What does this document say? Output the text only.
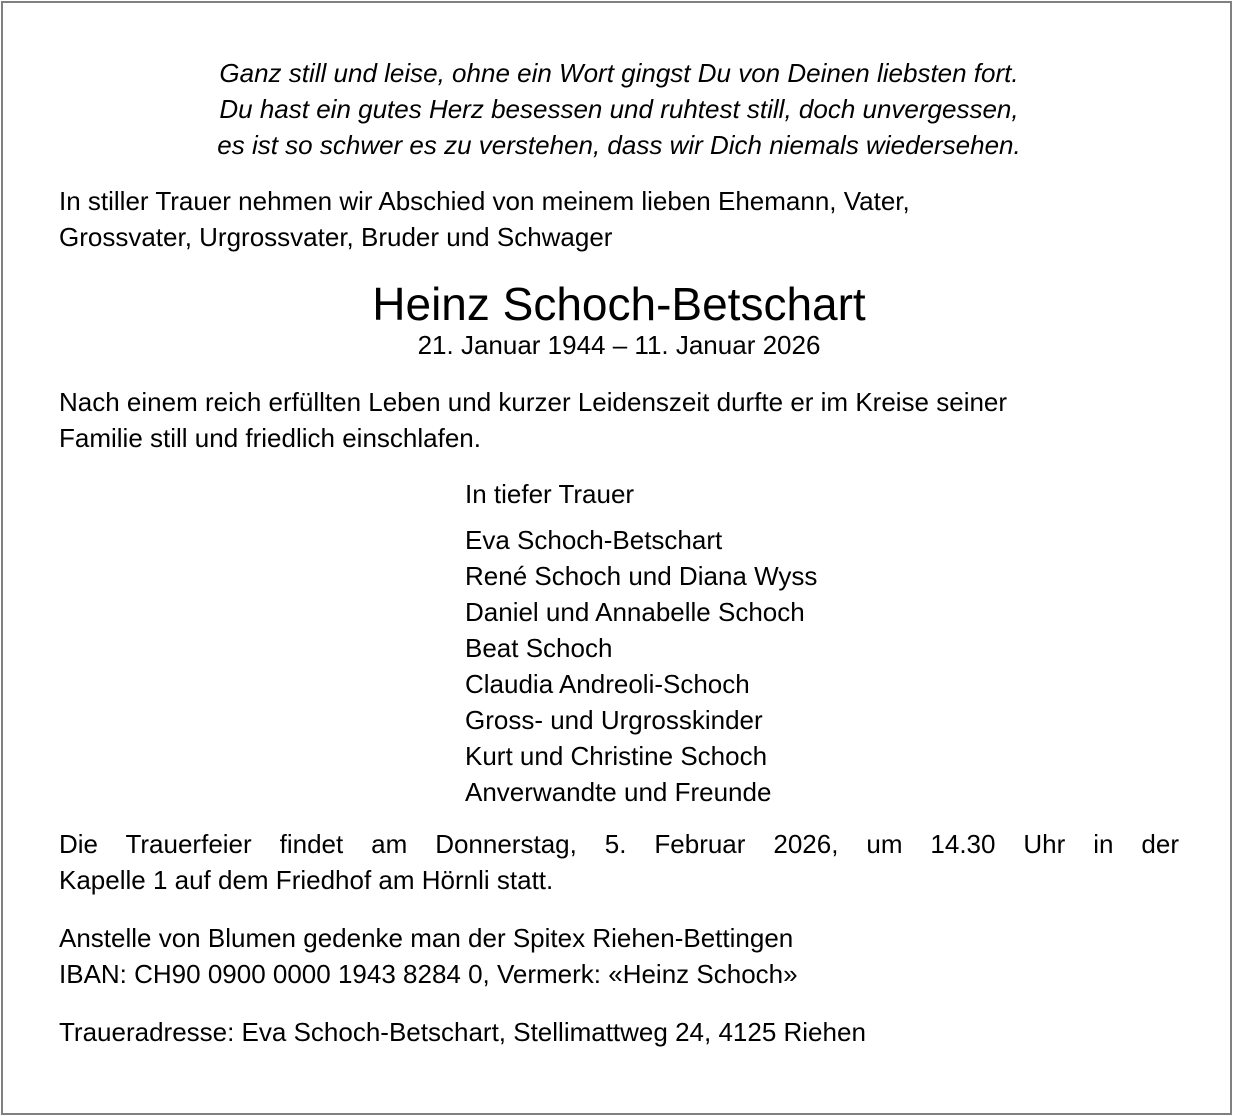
Ganz still und leise, ohne ein Wort gingst Du von Deinen liebsten fort.
Du hast ein gutes Herz besessen und ruhtest still, doch unvergessen,
es ist so schwer es zu verstehen, dass wir Dich niemals wiedersehen.
In stiller Trauer nehmen wir Abschied von meinem lieben Ehemann, Vater,
Grossvater, Urgrossvater, Bruder und Schwager
Heinz Schoch-Betschart
21. Januar 1944 – 11. Januar 2026
Nach einem reich erfüllten Leben und kurzer Leidenszeit durfte er im Kreise seiner
Familie still und friedlich einschlafen.
In tiefer Trauer
Eva Schoch-Betschart
René Schoch und Diana Wyss
Daniel und Annabelle Schoch
Beat Schoch
Claudia Andreoli-Schoch
Gross- und Urgrosskinder
Kurt und Christine Schoch
Anverwandte und Freunde
Die Trauerfeier findet am Donnerstag, 5. Februar 2026, um 14.30 Uhr in der
Kapelle 1 auf dem Friedhof am Hörnli statt.
Anstelle von Blumen gedenke man der Spitex Riehen-Bettingen
IBAN: CH90 0900 0000 1943 8284 0, Vermerk: «Heinz Schoch»
Traueradresse: Eva Schoch-Betschart, Stellimattweg 24, 4125 Riehen
